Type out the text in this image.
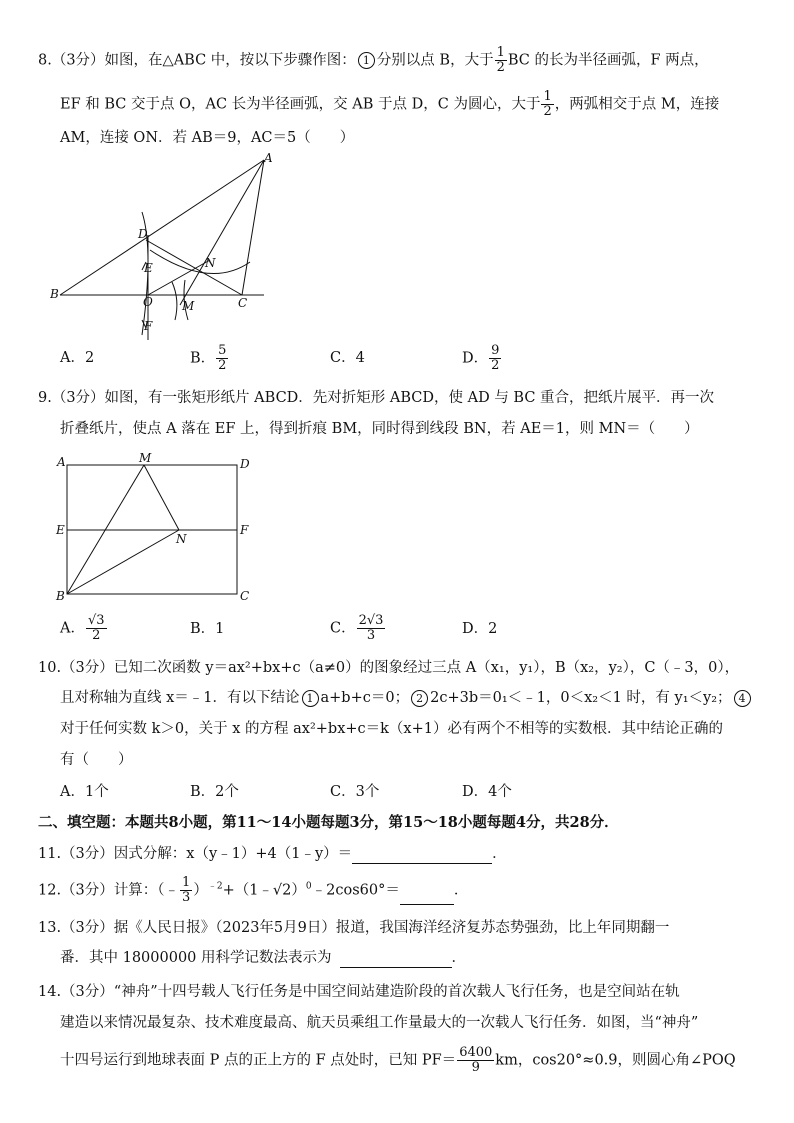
8.（3分）如图，在△ABC 中，按以下步骤作图： 1 分别以点 B，大于 $\frac{1}{2}$ BC 的长为半径画弧，F 两点，
EF 和 BC 交于点 O，AC 长为半径画弧，交 AB 于点 D，C 为圆心，大于 $\frac{1}{2}$ ，两弧相交于点 M，连接
AM，连接 ON．若 AB＝9，AC＝5（　　）
A
B
C
D
E
F
O
N
M
A．2	B． $\frac{5}{2}$	C．4	D． $\frac{9}{2}$
9.（3分）如图，有一张矩形纸片 ABCD．先对折矩形 ABCD，使 AD 与 BC 重合，把纸片展平．再一次
折叠纸片，使点 A 落在 EF 上，得到折痕 BM，同时得到线段 BN，若 AE＝1，则 MN＝（　　）
A	M	D
E	F
N
B	C
A． $\frac{√3}{2}$	B．1	C． $\frac{2√3}{3}$	D．2
10.（3分）已知二次函数 y＝ax²+bx+c（a≠0）的图象经过三点 A（x₁，y₁），B（x₂，y₂），C（﹣3，0），
且对称轴为直线 x＝﹣1．有以下结论 1 a+b+c＝0； 2 2c+3b＝0₁＜﹣1，0＜x₂＜1 时，有 y₁＜y₂； 4
对于任何实数 k＞0，关于 x 的方程 ax²+bx+c＝k（x+1）必有两个不相等的实数根．其中结论正确的
有（　　）
A．1个	B．2个	C．3个	D．4个
二、填空题：本题共8小题，第11～14小题每题3分，第15～18小题每题4分，共28分．
11.（3分）因式分解：x（y﹣1）+4（1﹣y）＝	．
12.（3分）计算：（﹣ $\frac{1}{3}$ ）$^{﹣2}$+（1﹣√2）$^0$﹣2cos60°＝	．
13.（3分）据《人民日报》（2023年5月9日）报道，我国海洋经济复苏态势强劲，比上年同期翻一
番．其中 18000000 用科学记数法表示为	．
14.（3分）“神舟”十四号载人飞行任务是中国空间站建造阶段的首次载人飞行任务，也是空间站在轨
建造以来情况最复杂、技术难度最高、航天员乘组工作量最大的一次载人飞行任务．如图，当“神舟”
十四号运行到地球表面 P 点的正上方的 F 点处时，已知 $PF= \frac{6400}{9}$ km，cos20°≈0.9，则圆心角∠POQ
